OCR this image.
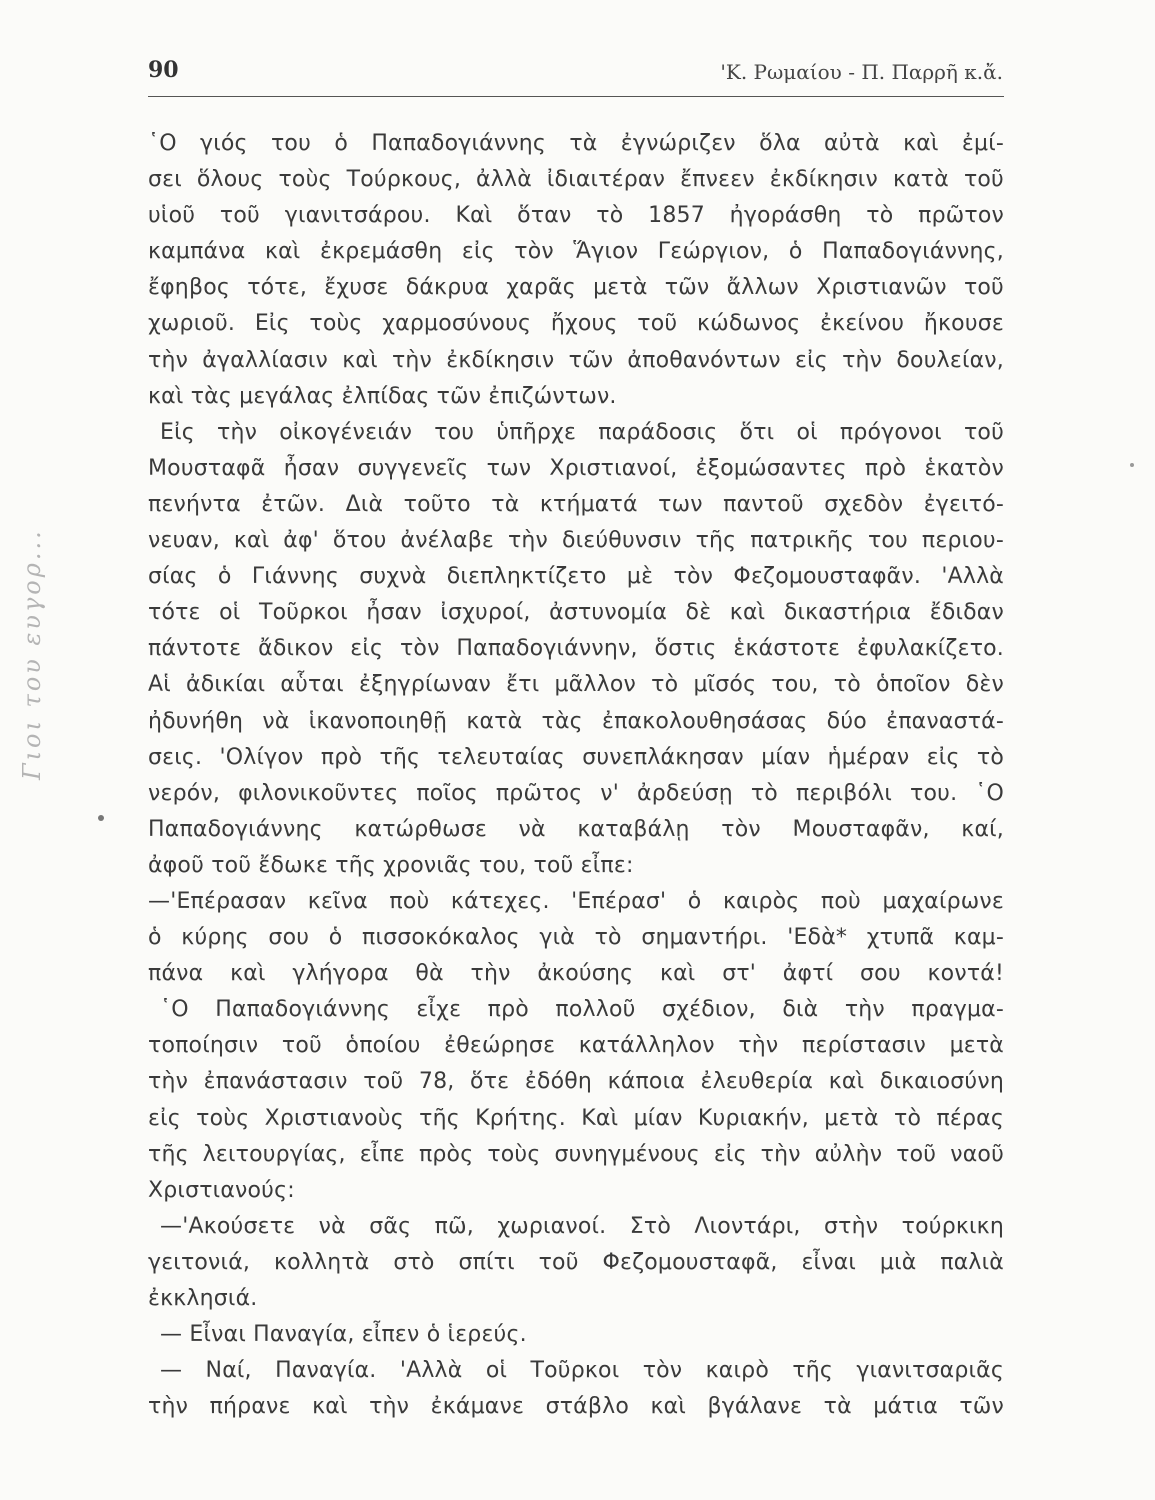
90	'Κ. Ρωμαίου - Π. Παρρῆ κ.ἄ.
Γιοι του ευγορ...
῾Ο γιός του ὁ Παπαδογιάννης τὰ ἐγνώριζεν ὅλα αὐτὰ καὶ ἐμί-
σει ὅλους τοὺς Τούρκους, ἀλλὰ ἰδιαιτέραν ἔπνεεν ἐκδίκησιν κατὰ τοῦ
υἱοῦ τοῦ γιανιτσάρου. Καὶ ὅταν τὸ 1857 ἠγοράσθη τὸ πρῶτον
καμπάνα καὶ ἐκρεμάσθη εἰς τὸν Ἅγιον Γεώργιον, ὁ Παπαδογιάννης,
ἔφηβος τότε, ἔχυσε δάκρυα χαρᾶς μετὰ τῶν ἄλλων Χριστιανῶν τοῦ
χωριοῦ. Εἰς τοὺς χαρμοσύνους ἤχους τοῦ κώδωνος ἐκείνου ἤκουσε
τὴν ἀγαλλίασιν καὶ τὴν ἐκδίκησιν τῶν ἀποθανόντων εἰς τὴν δουλείαν,
καὶ τὰς μεγάλας ἐλπίδας τῶν ἐπιζώντων.
Εἰς τὴν οἰκογένειάν του ὑπῆρχε παράδοσις ὅτι οἱ πρόγονοι τοῦ
Μουσταφᾶ ἦσαν συγγενεῖς των Χριστιανοί, ἐξομώσαντες πρὸ ἑκατὸν
πενήντα ἐτῶν. Διὰ τοῦτο τὰ κτήματά των παντοῦ σχεδὸν ἐγειτό-
νευαν, καὶ ἀφ' ὅτου ἀνέλαβε τὴν διεύθυνσιν τῆς πατρικῆς του περιου-
σίας ὁ Γιάννης συχνὰ διεπληκτίζετο μὲ τὸν Φεζομουσταφᾶν. 'Αλλὰ
τότε οἱ Τοῦρκοι ἦσαν ἰσχυροί, ἀστυνομία δὲ καὶ δικαστήρια ἔδιδαν
πάντοτε ἄδικον εἰς τὸν Παπαδογιάννην, ὅστις ἑκάστοτε ἐφυλακίζετο.
Αἱ ἀδικίαι αὗται ἐξηγρίωναν ἔτι μᾶλλον τὸ μῖσός του, τὸ ὁποῖον δὲν
ἠδυνήθη νὰ ἱκανοποιηθῇ κατὰ τὰς ἐπακολουθησάσας δύο ἐπαναστά-
σεις. 'Ολίγον πρὸ τῆς τελευταίας συνεπλάκησαν μίαν ἡμέραν εἰς τὸ
νερόν, φιλονικοῦντες ποῖος πρῶτος ν' ἀρδεύσῃ τὸ περιβόλι του. ῾Ο
Παπαδογιάννης κατώρθωσε νὰ καταβάλῃ τὸν Μουσταφᾶν, καί,
ἀφοῦ τοῦ ἔδωκε τῆς χρονιᾶς του, τοῦ εἶπε:
—'Επέρασαν κεῖνα ποὺ κάτεχες. 'Επέρασ' ὁ καιρὸς ποὺ μαχαίρωνε
ὁ κύρης σου ὁ πισσοκόκαλος γιὰ τὸ σημαντήρι. 'Εδὰ* χτυπᾶ καμ-
πάνα καὶ γλήγορα θὰ τὴν ἀκούσης καὶ στ' ἀφτί σου κοντά!
῾Ο Παπαδογιάννης εἶχε πρὸ πολλοῦ σχέδιον, διὰ τὴν πραγμα-
τοποίησιν τοῦ ὁποίου ἐθεώρησε κατάλληλον τὴν περίστασιν μετὰ
τὴν ἐπανάστασιν τοῦ 78, ὅτε ἐδόθη κάποια ἐλευθερία καὶ δικαιοσύνη
εἰς τοὺς Χριστιανοὺς τῆς Κρήτης. Καὶ μίαν Κυριακήν, μετὰ τὸ πέρας
τῆς λειτουργίας, εἶπε πρὸς τοὺς συνηγμένους εἰς τὴν αὐλὴν τοῦ ναοῦ
Χριστιανούς:
—'Ακούσετε νὰ σᾶς πῶ, χωριανοί. Στὸ Λιοντάρι, στὴν τούρκικη
γειτονιά, κολλητὰ στὸ σπίτι τοῦ Φεζομουσταφᾶ, εἶναι μιὰ παλιὰ
ἐκκλησιά.
— Εἶναι Παναγία, εἶπεν ὁ ἱερεύς.
— Ναί, Παναγία. 'Αλλὰ οἱ Τοῦρκοι τὸν καιρὸ τῆς γιανιτσαριᾶς
τὴν πήρανε καὶ τὴν ἐκάμανε στάβλο καὶ βγάλανε τὰ μάτια τῶν
